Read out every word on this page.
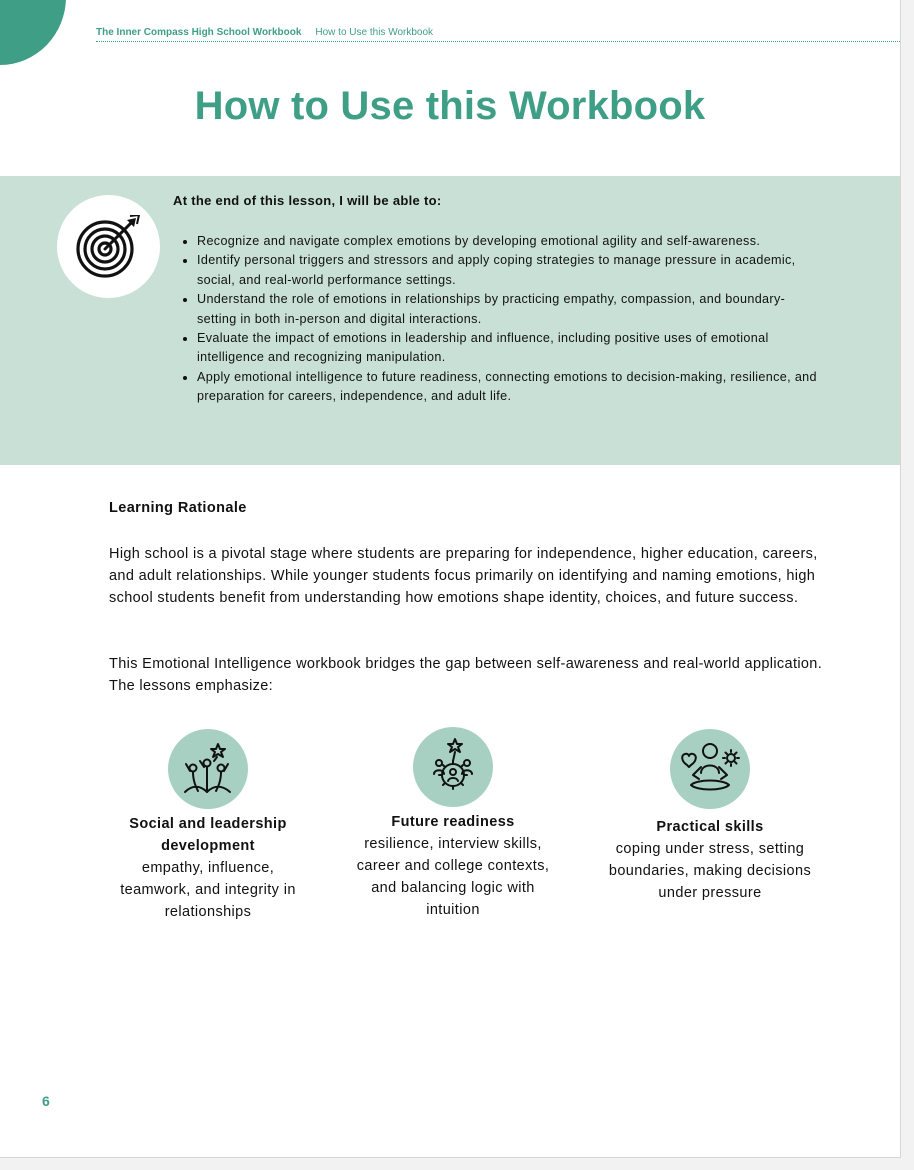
The Inner Compass High School Workbook How to Use this Workbook
How to Use this Workbook
At the end of this lesson, I will be able to:
Recognize and navigate complex emotions by developing emotional agility and self-awareness.
Identify personal triggers and stressors and apply coping strategies to manage pressure in academic, social, and real-world performance settings.
Understand the role of emotions in relationships by practicing empathy, compassion, and boundary-setting in both in-person and digital interactions.
Evaluate the impact of emotions in leadership and influence, including positive uses of emotional intelligence and recognizing manipulation.
Apply emotional intelligence to future readiness, connecting emotions to decision-making, resilience, and preparation for careers, independence, and adult life.
Learning Rationale

High school is a pivotal stage where students are preparing for independence, higher education, careers, and adult relationships. While younger students focus primarily on identifying and naming emotions, high school students benefit from understanding how emotions shape identity, choices, and future success.

This Emotional Intelligence workbook bridges the gap between self-awareness and real-world application. The lessons emphasize:

Social and leadership development
empathy, influence, teamwork, and integrity in relationships
Future readiness
resilience, interview skills, career and college contexts, and balancing logic with intuition
Practical skills
coping under stress, setting boundaries, making decisions under pressure
6
